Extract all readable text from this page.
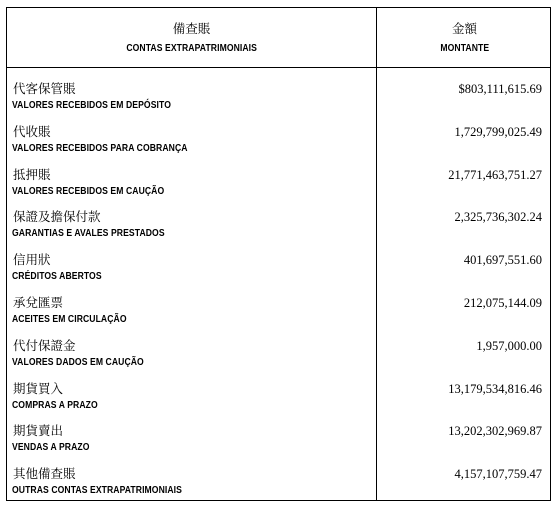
備查賬
CONTAS EXTRAPATRIMONIAIS
金額
MONTANTE
代客保管賬
VALORES RECEBIDOS EM DEPÓSITO
$803,111,615.69
代收賬
VALORES RECEBIDOS PARA COBRANÇA
1,729,799,025.49
抵押賬
VALORES RECEBIDOS EM CAUÇÃO
21,771,463,751.27
保證及擔保付款
GARANTIAS E AVALES PRESTADOS
2,325,736,302.24
信用狀
CRÉDITOS ABERTOS
401,697,551.60
承兌匯票
ACEITES EM CIRCULAÇÃO
212,075,144.09
代付保證金
VALORES DADOS EM CAUÇÃO
1,957,000.00
期貨買入
COMPRAS A PRAZO
13,179,534,816.46
期貨賣出
VENDAS A PRAZO
13,202,302,969.87
其他備查賬
OUTRAS CONTAS EXTRAPATRIMONIAIS
4,157,107,759.47
